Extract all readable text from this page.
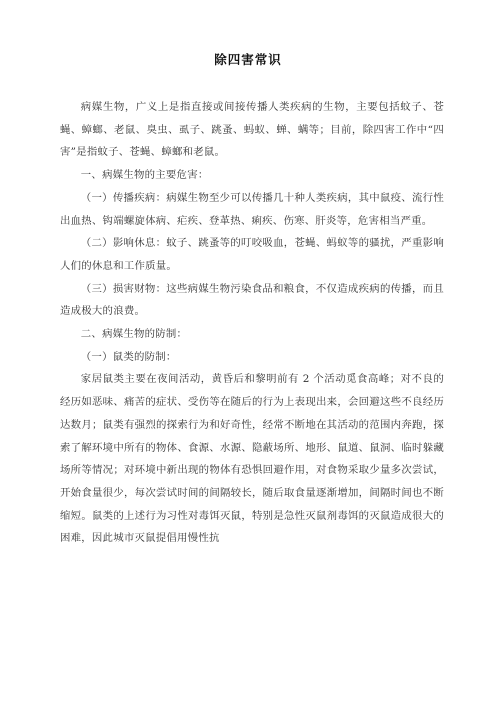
除四害常识

病媒生物，广义上是指直接或间接传播人类疾病的生物，主要包括蚊子、苍蝇、蟑螂、老鼠、臭虫、虱子、跳蚤、蚂蚁、蝉、螨等；目前，除四害工作中“四害”是指蚊子、苍蝇、蟑螂和老鼠。

一、病媒生物的主要危害：

（一）传播疾病：病媒生物至少可以传播几十种人类疾病，其中鼠疫、流行性出血热、钩端螺旋体病、疟疾、登革热、痢疾、伤寒、肝炎等，危害相当严重。

（二）影响休息：蚊子、跳蚤等的叮咬吸血，苍蝇、蚂蚁等的骚扰，严重影响人们的休息和工作质量。

（三）损害财物：这些病媒生物污染食品和粮食，不仅造成疾病的传播，而且造成极大的浪费。

二、病媒生物的防制：

（一）鼠类的防制：

家居鼠类主要在夜间活动，黄昏后和黎明前有 2 个活动觅食高峰；对不良的经历如恶味、痛苦的症状、受伤等在随后的行为上表现出来，会回避这些不良经历达数月；鼠类有强烈的探索行为和好奇性，经常不断地在其活动的范围内奔跑，探索了解环境中所有的物体、食源、水源、隐蔽场所、地形、鼠道、鼠洞、临时躲藏场所等情况；对环境中新出现的物体有恐惧回避作用，对食物采取少量多次尝试，开始食量很少，每次尝试时间的间隔较长，随后取食量逐渐增加，间隔时间也不断缩短。鼠类的上述行为习性对毒饵灭鼠，特别是急性灭鼠剂毒饵的灭鼠造成很大的困难，因此城市灭鼠提倡用慢性抗
